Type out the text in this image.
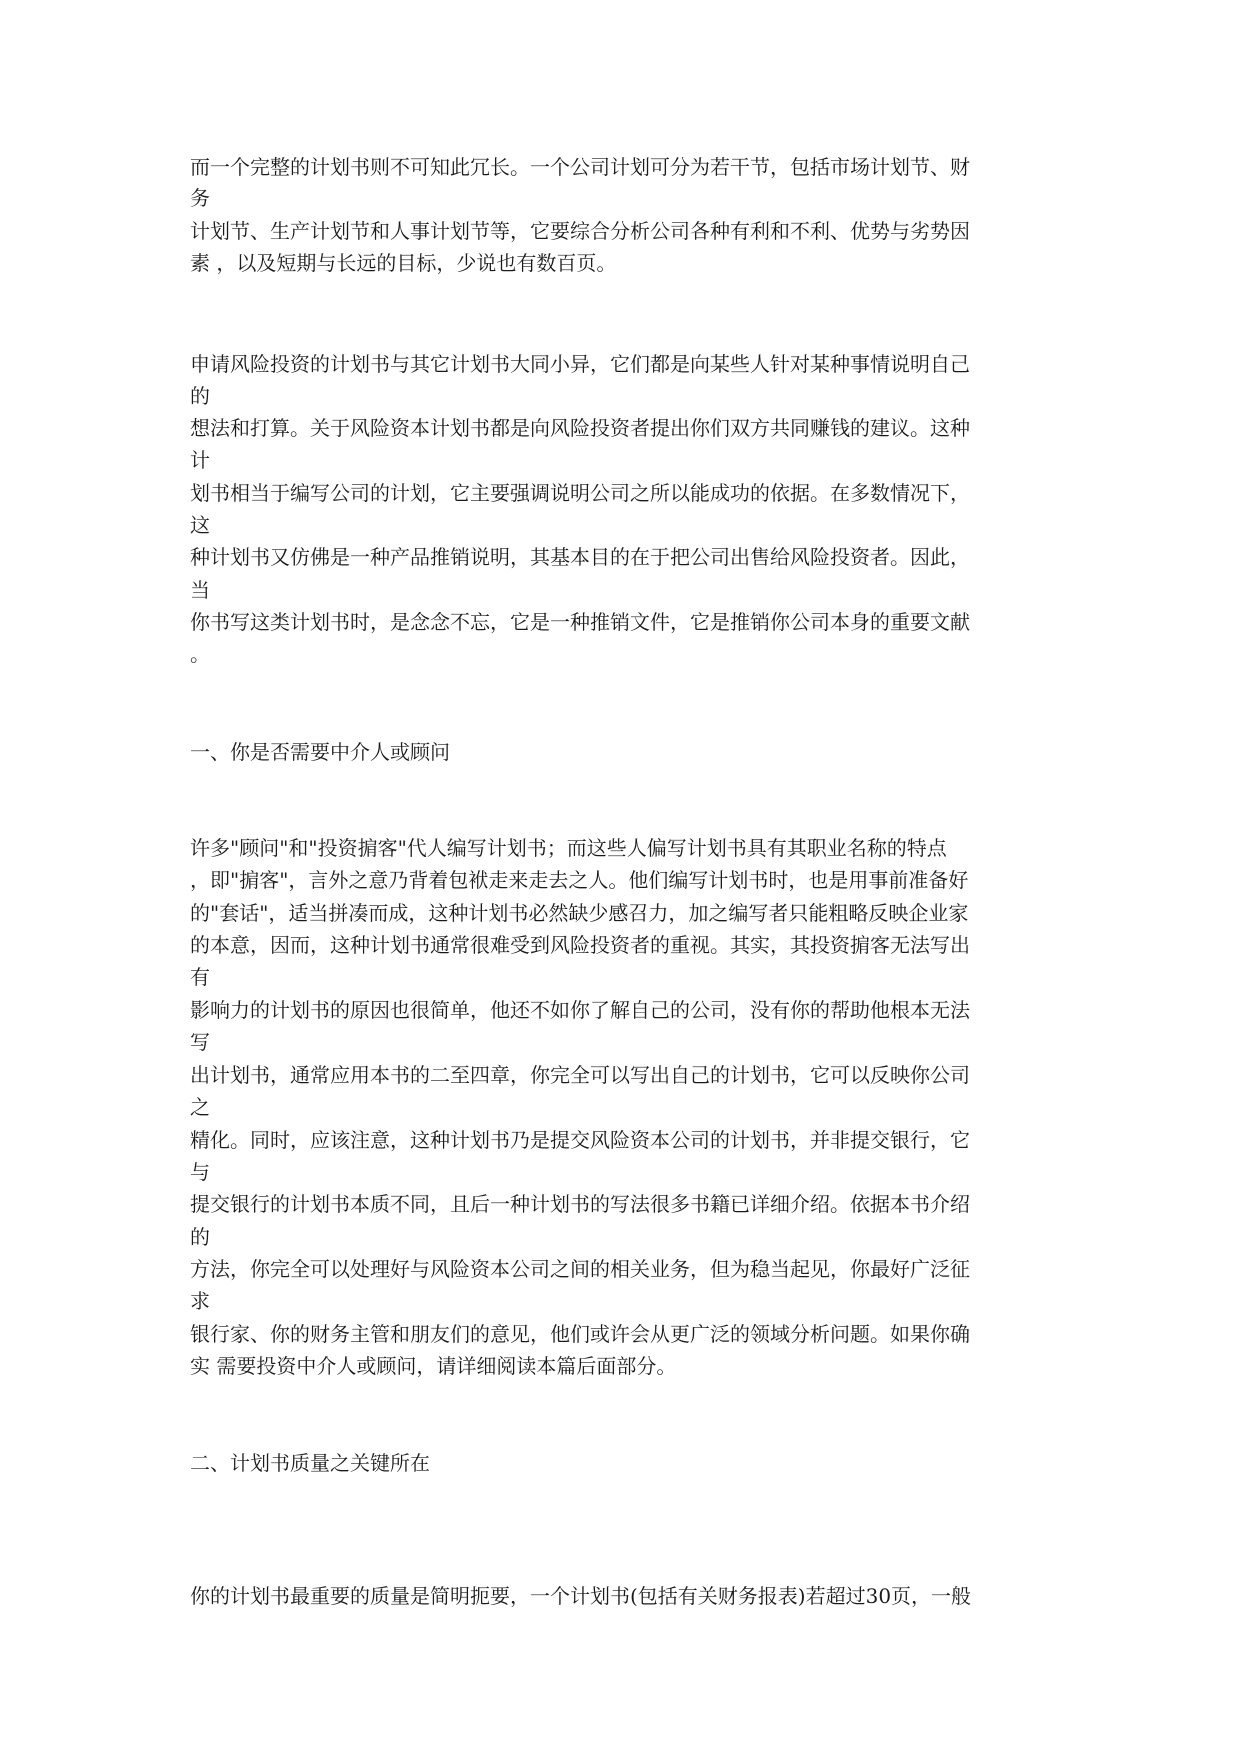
而一个完整的计划书则不可知此冗长。一个公司计划可分为若干节，包括市场计划节、财
务
计划节、生产计划节和人事计划节等，它要综合分析公司各种有利和不利、优势与劣势因
素 ，以及短期与长远的目标，少说也有数百页。
申请风险投资的计划书与其它计划书大同小异，它们都是向某些人针对某种事情说明自己
的
想法和打算。关于风险资本计划书都是向风险投资者提出你们双方共同赚钱的建议。这种
计
划书相当于编写公司的计划，它主要强调说明公司之所以能成功的依据。在多数情况下，
这
种计划书又仿佛是一种产品推销说明，其基本目的在于把公司出售给风险投资者。因此，
当
你书写这类计划书时，是念念不忘，它是一种推销文件，它是推销你公司本身的重要文献
。
一、你是否需要中介人或顾问
许多"顾问"和"投资掮客"代人编写计划书；而这些人偏写计划书具有其职业名称的特点
，即"掮客"，言外之意乃背着包袱走来走去之人。他们编写计划书时，也是用事前准备好
的"套话"，适当拼凑而成，这种计划书必然缺少感召力，加之编写者只能粗略反映企业家
的本意，因而，这种计划书通常很难受到风险投资者的重视。其实，其投资掮客无法写出
有
影响力的计划书的原因也很简单，他还不如你了解自己的公司，没有你的帮助他根本无法
写
出计划书，通常应用本书的二至四章，你完全可以写出自己的计划书，它可以反映你公司
之
精化。同时，应该注意，这种计划书乃是提交风险资本公司的计划书，并非提交银行，它
与
提交银行的计划书本质不同，且后一种计划书的写法很多书籍已详细介绍。依据本书介绍
的
方法，你完全可以处理好与风险资本公司之间的相关业务，但为稳当起见，你最好广泛征
求
银行家、你的财务主管和朋友们的意见，他们或许会从更广泛的领域分析问题。如果你确
实 需要投资中介人或顾问，请详细阅读本篇后面部分。
二、计划书质量之关键所在
你的计划书最重要的质量是简明扼要，一个计划书(包括有关财务报表)若超过30页，一般
